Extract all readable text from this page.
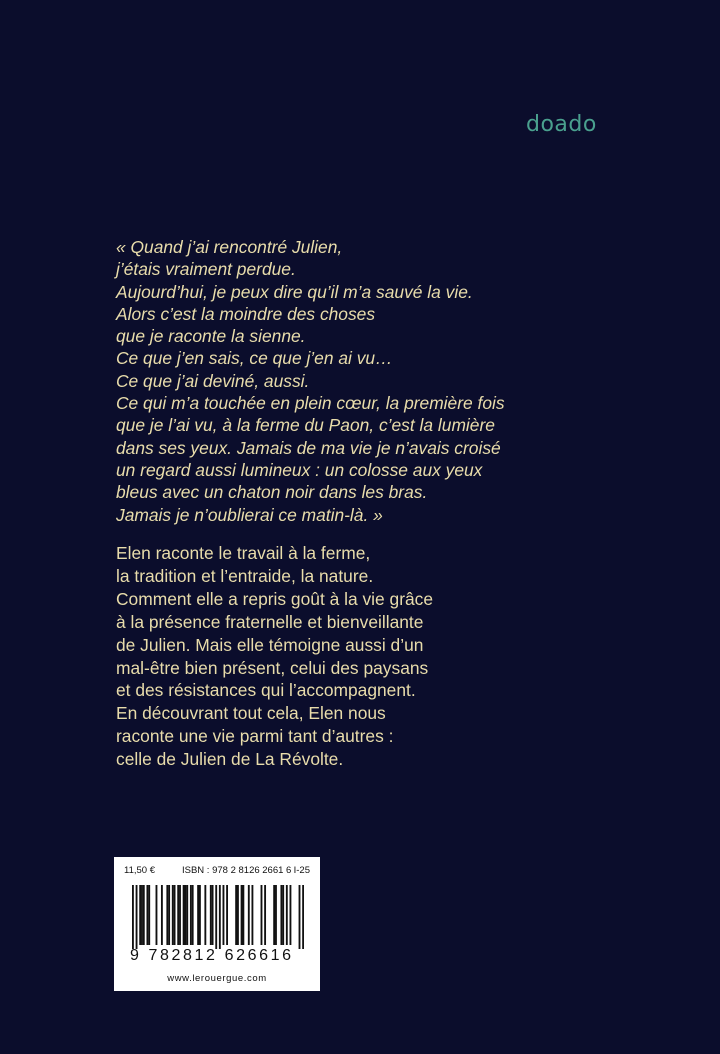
doado
« Quand j’ai rencontré Julien,
j’étais vraiment perdue.
Aujourd’hui, je peux dire qu’il m’a sauvé la vie.
Alors c’est la moindre des choses
que je raconte la sienne.
Ce que j’en sais, ce que j’en ai vu…
Ce que j’ai deviné, aussi.
Ce qui m’a touchée en plein cœur, la première fois
que je l’ai vu, à la ferme du Paon, c’est la lumière
dans ses yeux. Jamais de ma vie je n’avais croisé
un regard aussi lumineux : un colosse aux yeux
bleus avec un chaton noir dans les bras.
Jamais je n’oublierai ce matin-là. »
Elen raconte le travail à la ferme,
la tradition et l’entraide, la nature.
Comment elle a repris goût à la vie grâce
à la présence fraternelle et bienveillante
de Julien. Mais elle témoigne aussi d’un
mal-être bien présent, celui des paysans
et des résistances qui l’accompagnent.
En découvrant tout cela, Elen nous
raconte une vie parmi tant d’autres :
celle de Julien de La Révolte.
11,50 €	ISBN : 978 2 8126 2661 6 I-25
9 782812 626616
www.lerouergue.com
